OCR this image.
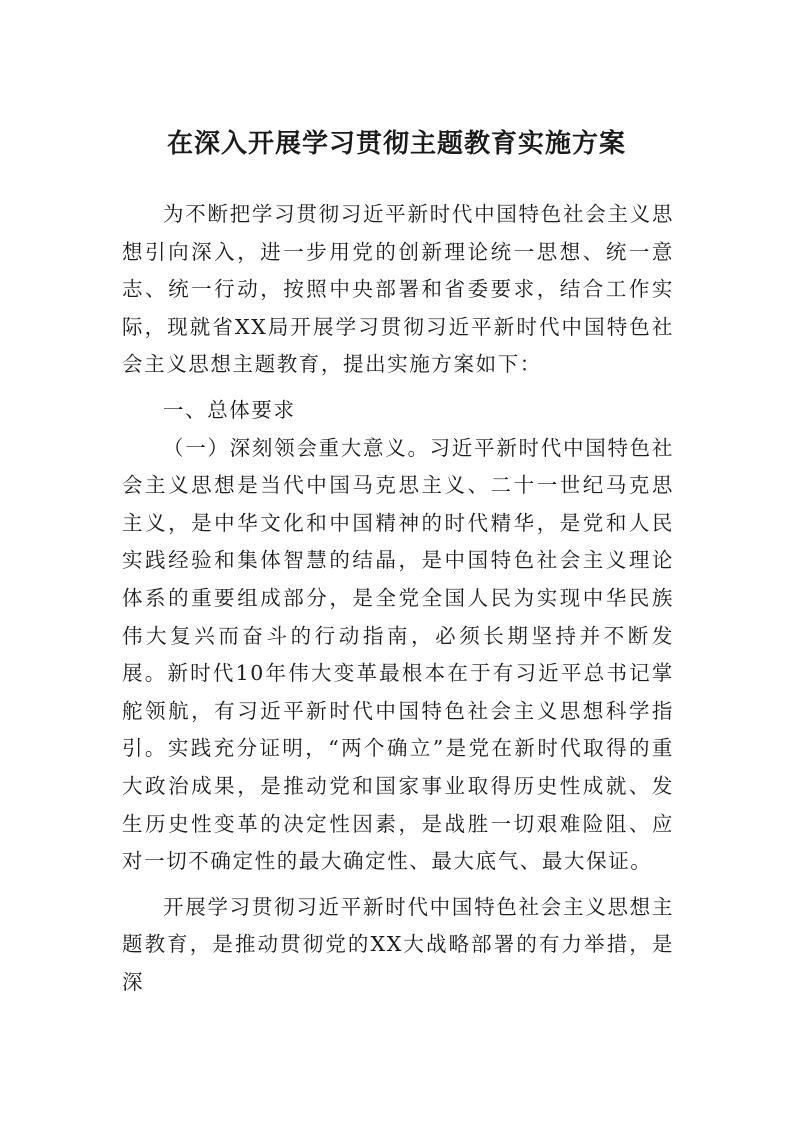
在深入开展学习贯彻主题教育实施方案

为不断把学习贯彻习近平新时代中国特色社会主义思想引向深入，进一步用党的创新理论统一思想、统一意志、统一行动，按照中央部署和省委要求，结合工作实际，现就省XX局开展学习贯彻习近平新时代中国特色社会主义思想主题教育，提出实施方案如下：

一、总体要求

（一）深刻领会重大意义。习近平新时代中国特色社会主义思想是当代中国马克思主义、二十一世纪马克思主义，是中华文化和中国精神的时代精华，是党和人民实践经验和集体智慧的结晶，是中国特色社会主义理论体系的重要组成部分，是全党全国人民为实现中华民族伟大复兴而奋斗的行动指南，必须长期坚持并不断发展。新时代10年伟大变革最根本在于有习近平总书记掌舵领航，有习近平新时代中国特色社会主义思想科学指引。实践充分证明，“两个确立”是党在新时代取得的重大政治成果，是推动党和国家事业取得历史性成就、发生历史性变革的决定性因素，是战胜一切艰难险阻、应对一切不确定性的最大确定性、最大底气、最大保证。

开展学习贯彻习近平新时代中国特色社会主义思想主题教育，是推动贯彻党的XX大战略部署的有力举措，是深
